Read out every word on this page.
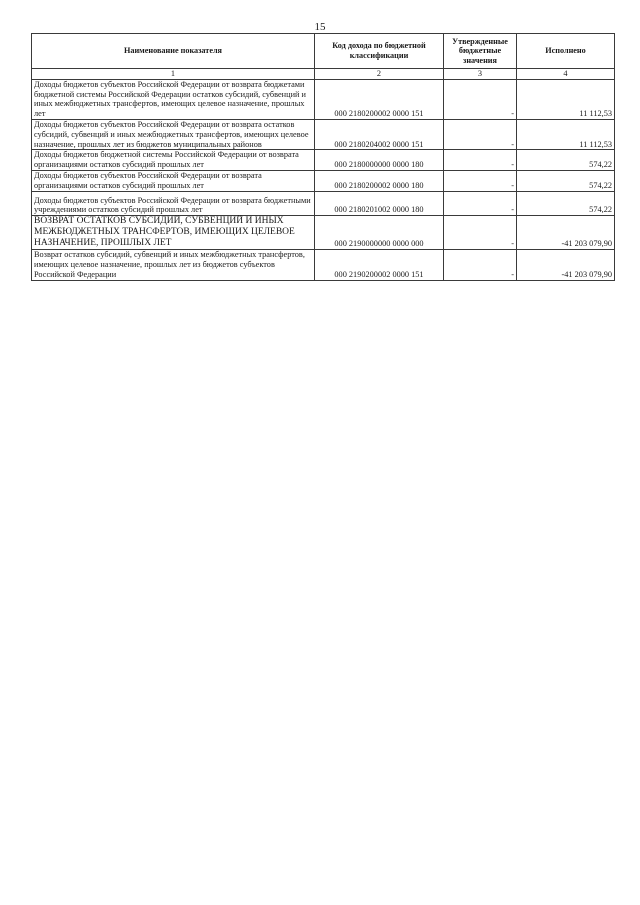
15
Наименование показателя	Код дохода по бюджетной классификации	Утвержденные бюджетные значения	Исполнено
1	2	3	4
Доходы бюджетов субъектов Российской Федерации от возврата бюджетами бюджетной системы Российской Федерации остатков субсидий, субвенций и иных межбюджетных трансфертов, имеющих целевое назначение, прошлых лет	000 2180200002 0000 151	-	11 112,53
Доходы бюджетов субъектов Российской Федерации от возврата остатков субсидий, субвенций и иных межбюджетных трансфертов, имеющих целевое назначение, прошлых лет из бюджетов муниципальных районов	000 2180204002 0000 151	-	11 112,53
Доходы бюджетов бюджетной системы Российской Федерации от возврата организациями остатков субсидий прошлых лет	000 2180000000 0000 180	-	574,22
Доходы бюджетов субъектов Российской Федерации от возврата организациями остатков субсидий прошлых лет	000 2180200002 0000 180	-	574,22
Доходы бюджетов субъектов Российской Федерации от возврата бюджетными учреждениями остатков субсидий прошлых лет	000 2180201002 0000 180	-	574,22
ВОЗВРАТ ОСТАТКОВ СУБСИДИЙ, СУБВЕНЦИЙ И ИНЫХ МЕЖБЮДЖЕТНЫХ ТРАНСФЕРТОВ, ИМЕЮЩИХ ЦЕЛЕВОЕ НАЗНАЧЕНИЕ, ПРОШЛЫХ ЛЕТ	000 2190000000 0000 000	-	-41 203 079,90
Возврат остатков субсидий, субвенций и иных межбюджетных трансфертов, имеющих целевое назначение, прошлых лет из бюджетов субъектов Российской Федерации	000 2190200002 0000 151	-	-41 203 079,90
